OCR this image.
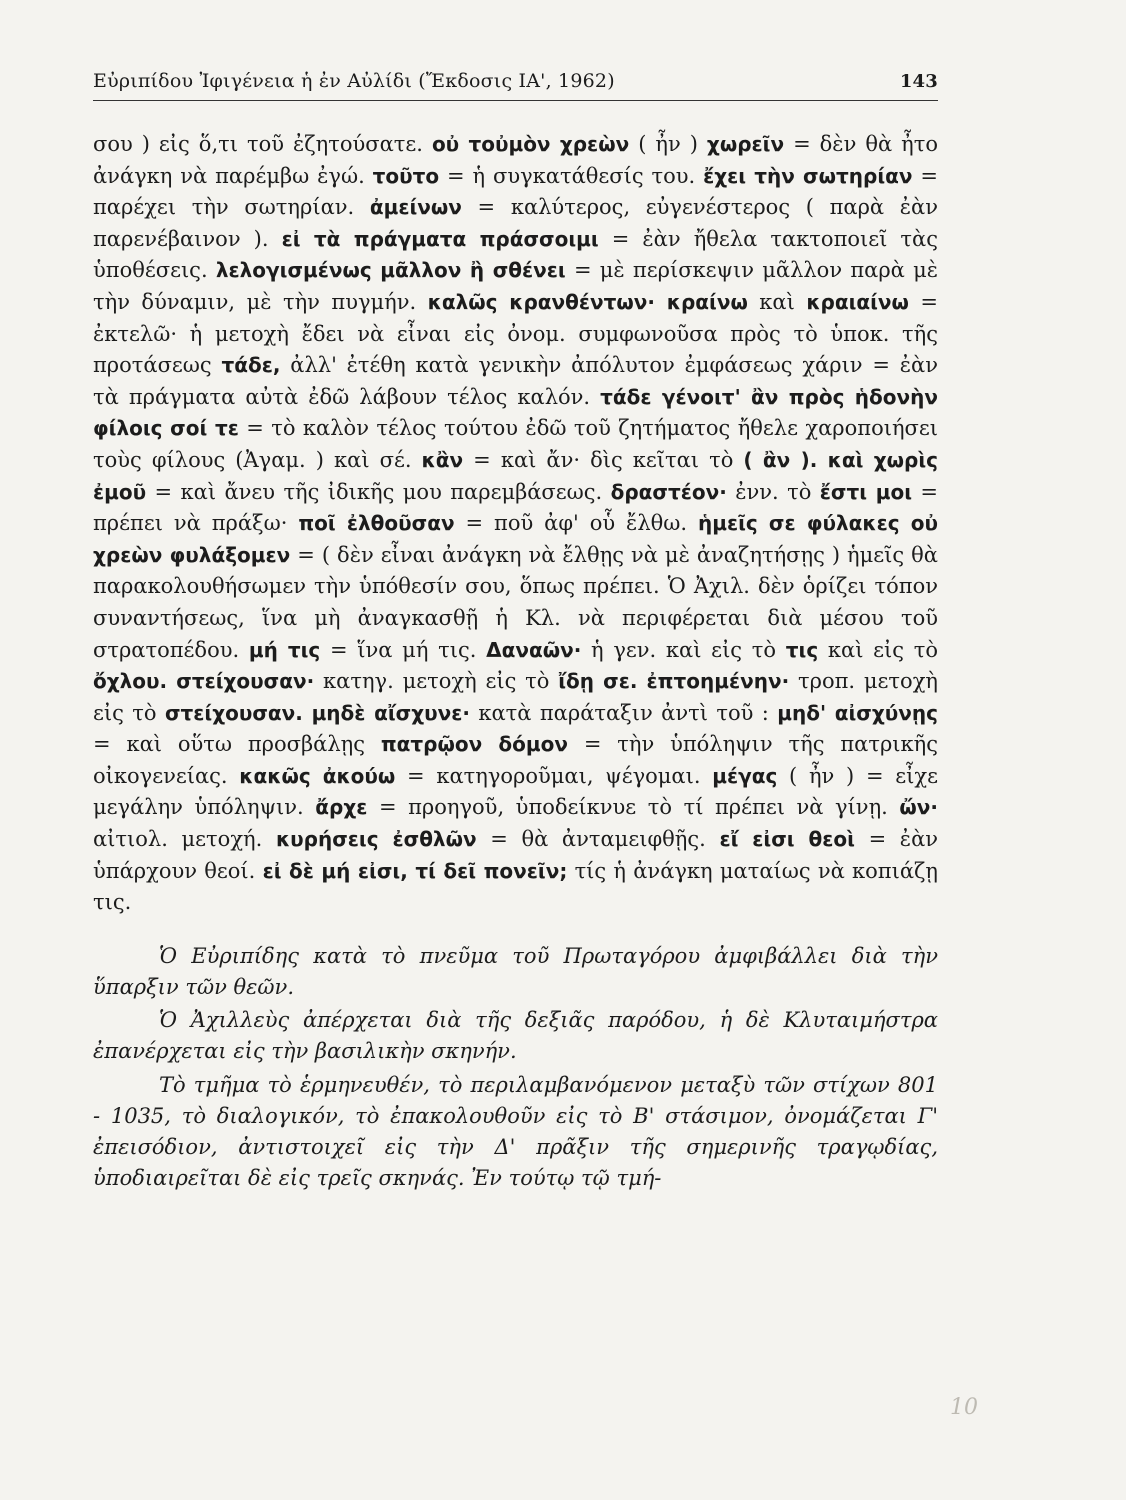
Εὐριπίδου Ἰφιγένεια ἡ ἐν Αὐλίδι (Ἔκδοσις ΙΑ', 1962)	143
σου ) εἰς ὅ,τι τοῦ ἐζητούσατε. οὐ τοὐμὸν χρεὼν ( ἦν ) χωρεῖν = δὲν θὰ ἦτο ἀνάγκη νὰ παρέμβω ἐγώ. τοῦτο = ἡ συγκατάθεσίς του. ἔχει τὴν σωτηρίαν = παρέχει τὴν σωτηρίαν. ἀμείνων = καλύτερος, εὐγενέστερος ( παρὰ ἐὰν παρενέβαινον ). εἰ τὰ πράγματα πράσσοιμι = ἐὰν ἤθελα τακτοποιεῖ τὰς ὑποθέσεις. λελογισμένως μᾶλλον ἢ σθένει = μὲ περίσκεψιν μᾶλλον παρὰ μὲ τὴν δύναμιν, μὲ τὴν πυγμήν. καλῶς κρανθέντων· κραίνω καὶ κραιαίνω = ἐκτελῶ· ἡ μετοχὴ ἔδει νὰ εἶναι εἰς ὀνομ. συμφωνοῦσα πρὸς τὸ ὑποκ. τῆς προτάσεως τάδε, ἀλλ' ἐτέθη κατὰ γενικὴν ἀπόλυτον ἐμφάσεως χάριν = ἐὰν τὰ πράγματα αὐτὰ ἐδῶ λάβουν τέλος καλόν. τάδε γένοιτ' ἂν πρὸς ἡδονὴν φίλοις σοί τε = τὸ καλὸν τέλος τούτου ἐδῶ τοῦ ζητήματος ἤθελε χαροποιήσει τοὺς φίλους (Ἀγαμ. ) καὶ σέ. κἂν = καὶ ἄν· δὶς κεῖται τὸ ( ἂν ). καὶ χωρὶς ἐμοῦ = καὶ ἄνευ τῆς ἰδικῆς μου παρεμβάσεως. δραστέον· ἐνν. τὸ ἔστι μοι = πρέπει νὰ πράξω· ποῖ ἐλθοῦσαν = ποῦ ἀφ' οὗ ἔλθω. ἡμεῖς σε φύλακες οὐ χρεὼν φυλάξομεν = ( δὲν εἶναι ἀνάγκη νὰ ἔλθῃς νὰ μὲ ἀναζητήσῃς ) ἡμεῖς θὰ παρακολουθήσωμεν τὴν ὑπόθεσίν σου, ὅπως πρέπει. Ὁ Ἀχιλ. δὲν ὁρίζει τόπον συναντήσεως, ἵνα μὴ ἀναγκασθῇ ἡ Κλ. νὰ περιφέρεται διὰ μέσου τοῦ στρατοπέδου. μή τις = ἵνα μή τις. Δαναῶν· ἡ γεν. καὶ εἰς τὸ τις καὶ εἰς τὸ ὄχλου. στείχουσαν· κατηγ. μετοχὴ εἰς τὸ ἴδῃ σε. ἐπτοημένην· τροπ. μετοχὴ εἰς τὸ στείχουσαν. μηδὲ αἴσχυνε· κατὰ παράταξιν ἀντὶ τοῦ : μηδ' αἰσχύνῃς = καὶ οὕτω προσβάλῃς πατρῷον δόμον = τὴν ὑπόληψιν τῆς πατρικῆς οἰκογενείας. κακῶς ἀκούω = κατηγοροῦμαι, ψέγομαι. μέγας ( ἦν ) = εἶχε μεγάλην ὑπόληψιν. ἄρχε = προηγοῦ, ὑποδείκνυε τὸ τί πρέπει νὰ γίνῃ. ὤν· αἰτιολ. μετοχή. κυρήσεις ἐσθλῶν = θὰ ἀνταμειφθῇς. εἴ εἰσι θεοὶ = ἐὰν ὑπάρχουν θεοί. εἰ δὲ μή εἰσι, τί δεῖ πονεῖν; τίς ἡ ἀνάγκη ματαίως νὰ κοπιάζῃ τις.

Ὁ Εὐριπίδης κατὰ τὸ πνεῦμα τοῦ Πρωταγόρου ἀμφιβάλλει διὰ τὴν ὕπαρξιν τῶν θεῶν.

Ὁ Ἀχιλλεὺς ἀπέρχεται διὰ τῆς δεξιᾶς παρόδου, ἡ δὲ Κλυταιμήστρα ἐπανέρχεται εἰς τὴν βασιλικὴν σκηνήν.

Τὸ τμῆμα τὸ ἑρμηνευθέν, τὸ περιλαμβανόμενον μεταξὺ τῶν στίχων 801 - 1035, τὸ διαλογικόν, τὸ ἐπακολουθοῦν εἰς τὸ Β' στάσιμον, ὀνομάζεται Γ' ἐπεισόδιον, ἀντιστοιχεῖ εἰς τὴν Δ' πρᾶξιν τῆς σημερινῆς τραγῳδίας, ὑποδιαιρεῖται δὲ εἰς τρεῖς σκηνάς. Ἐν τούτῳ τῷ τμή-

10
